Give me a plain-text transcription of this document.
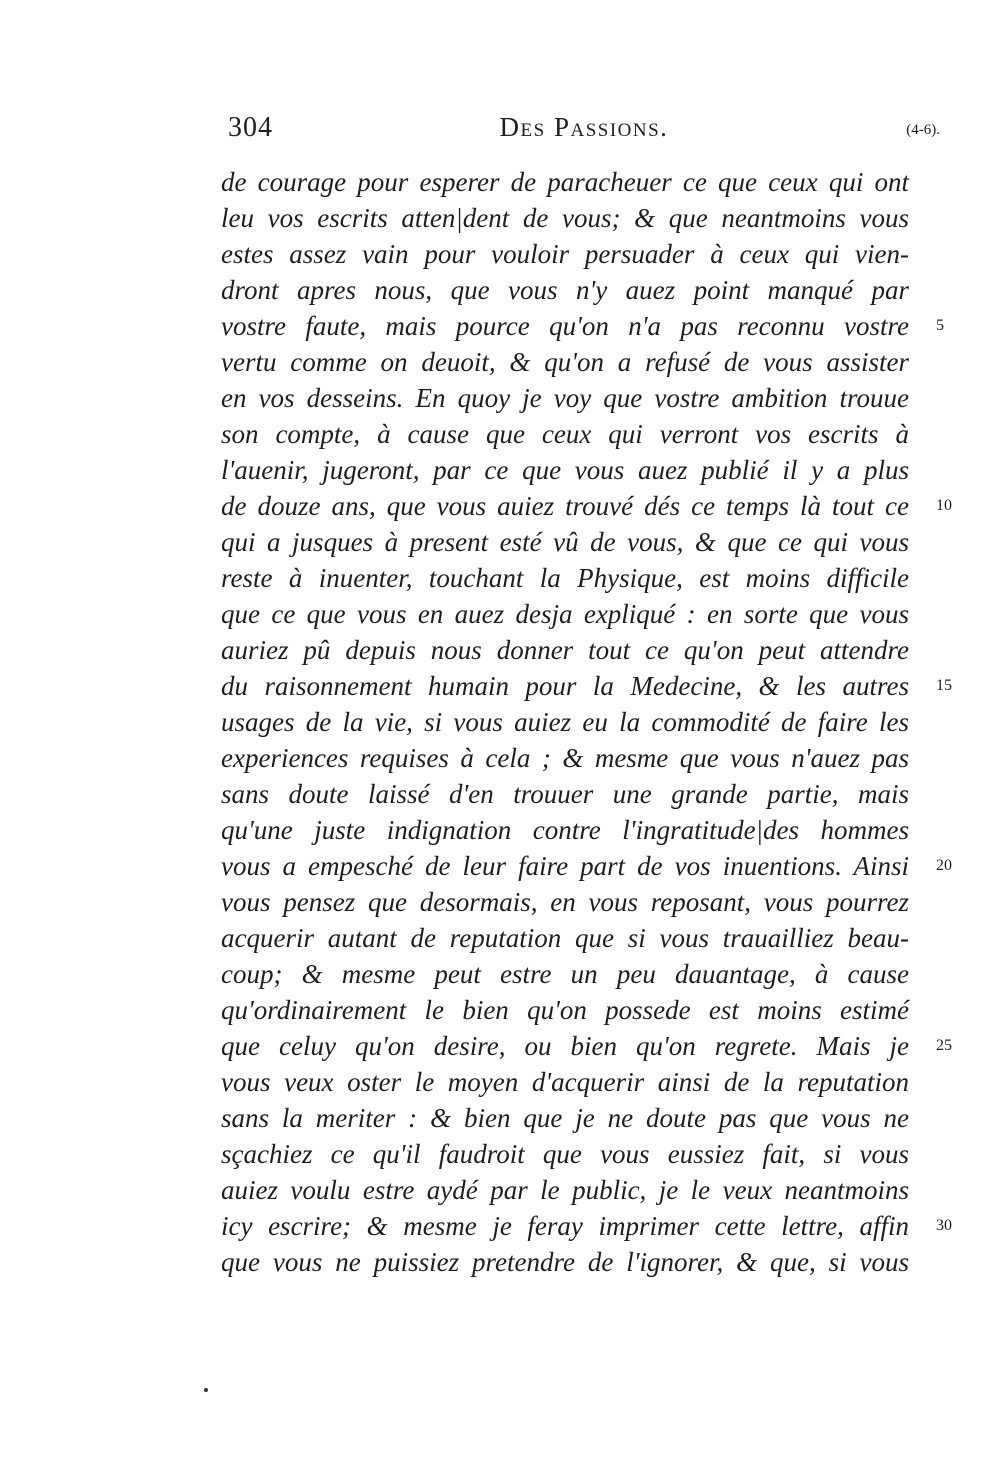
304	Des Passions.	(4-6).
de courage pour esperer de paracheuer ce que ceux qui ont
leu vos escrits atten|dent de vous; & que neantmoins vous
estes assez vain pour vouloir persuader à ceux qui vien-
dront apres nous, que vous n'y auez point manqué par
vostre faute, mais pource qu'on n'a pas reconnu vostre
vertu comme on deuoit, & qu'on a refusé de vous assister
en vos desseins. En quoy je voy que vostre ambition trouue
son compte, à cause que ceux qui verront vos escrits à
l'auenir, jugeront, par ce que vous auez publié il y a plus
de douze ans, que vous auiez trouvé dés ce temps là tout ce
qui a jusques à present esté vû de vous, & que ce qui vous
reste à inuenter, touchant la Physique, est moins difficile
que ce que vous en auez desja expliqué : en sorte que vous
auriez pû depuis nous donner tout ce qu'on peut attendre
du raisonnement humain pour la Medecine, & les autres
usages de la vie, si vous auiez eu la commodité de faire les
experiences requises à cela ; & mesme que vous n'auez pas
sans doute laissé d'en trouuer une grande partie, mais
qu'une juste indignation contre l'ingratitude|des hommes
vous a empesché de leur faire part de vos inuentions. Ainsi
vous pensez que desormais, en vous reposant, vous pourrez
acquerir autant de reputation que si vous trauailliez beau-
coup; & mesme peut estre un peu dauantage, à cause
qu'ordinairement le bien qu'on possede est moins estimé
que celuy qu'on desire, ou bien qu'on regrete. Mais je
vous veux oster le moyen d'acquerir ainsi de la reputation
sans la meriter : & bien que je ne doute pas que vous ne
sçachiez ce qu'il faudroit que vous eussiez fait, si vous
auiez voulu estre aydé par le public, je le veux neantmoins
icy escrire; & mesme je feray imprimer cette lettre, affin
que vous ne puissiez pretendre de l'ignorer, & que, si vous
5
10
15
20
25
30
